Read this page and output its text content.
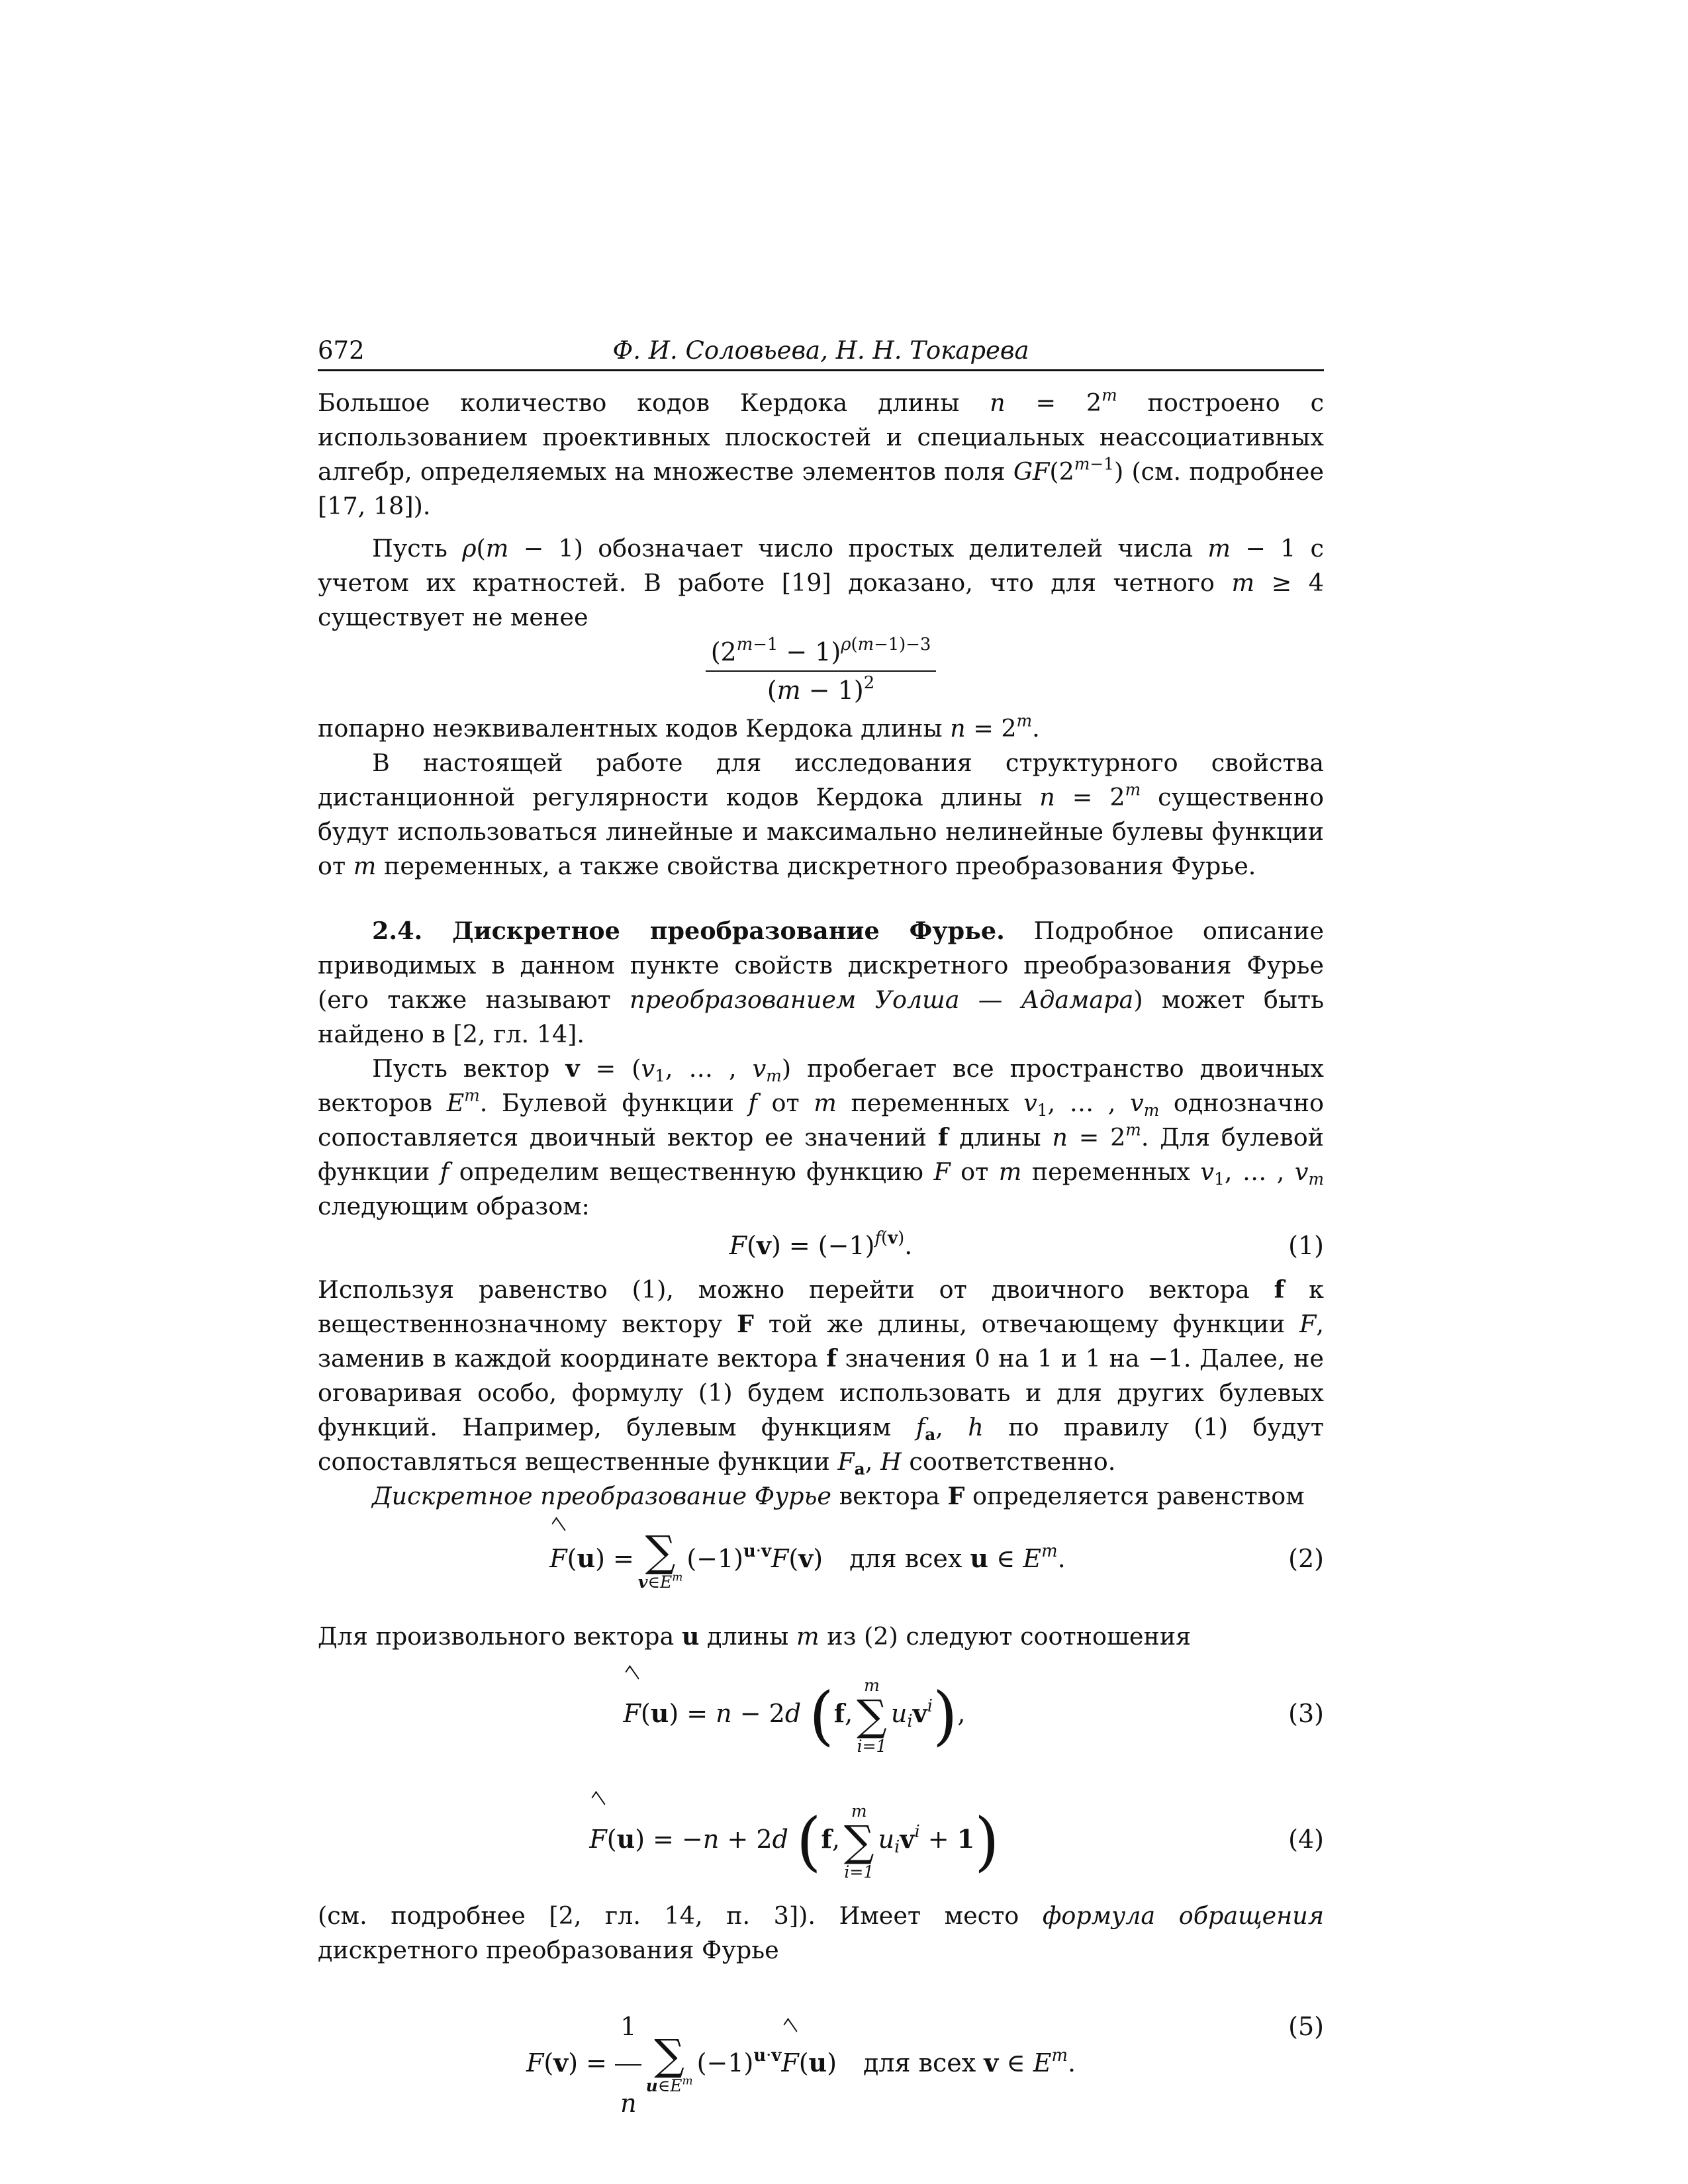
672	Ф. И. Соловьева, Н. Н. Токарева

Большое количество кодов Кердока длины $n = 2^m$ построено с использованием проективных плоскостей и специальных неассоциативных алгебр, определяемых на множестве элементов поля $GF(2^{m-1})$ (см. подробнее [17, 18]).

Пусть ρ(m − 1) обозначает число простых делителей числа m − 1 с учетом их кратностей. В работе [19] доказано, что для четного m ≥ 4 существует не менее

$\frac{(2^{m-1} - 1)^{\rho(m-1)-3}}{(m - 1)^2}$

попарно неэквивалентных кодов Кердока длины $n = 2^m$.

В настоящей работе для исследования структурного свойства дистанционной регулярности кодов Кердока длины $n = 2^m$ существенно будут использоваться линейные и максимально нелинейные булевы функции от m переменных, а также свойства дискретного преобразования Фурье.

2.4. Дискретное преобразование Фурье. Подробное описание приводимых в данном пункте свойств дискретного преобразования Фурье (его также называют преобразованием Уолша — Адамара) может быть найдено в [2, гл. 14].

Пусть вектор $v = (v_1$, … , $v_m$) пробегает все пространство двоичных векторов $E^m$. Булевой функции f от m переменных $v_1$, … , $v_m$ однозначно сопоставляется двоичный вектор ее значений f длины $n = 2^m$. Для булевой функции f определим вещественную функцию F от m переменных $v_1$, … , $v_m$ следующим образом:

$F(v) = (-1)^{f(v)}$.	(1)

Используя равенство (1), можно перейти от двоичного вектора f к вещественнозначному вектору F той же длины, отвечающему функции F, заменив в каждой координате вектора f значения 0 на 1 и 1 на −1. Далее, не оговаривая особо, формулу (1) будем использовать и для других булевых функций. Например, булевым функциям $f_a$, h по правилу (1) будут сопоставляться вещественные функции $F_a$, H соответственно.

Дискретное преобразование Фурье вектора F определяется равенством

F(u) = ∑
$v\in E^m$
$(-1)^{u\cdot v}F(v)$ для всех u ∈ $E^m$.	(2)

Для произвольного вектора u длины m из (2) следуют соотношения

F(u) = n − 2d (f,
m
∑
i=1
$u_iv^i$),	(3)
F(u) = −n + 2d (f,
m
∑
i=1
$u_iv^i + 1$)	(4)

(см. подробнее [2, гл. 14, п. 3]). Имеет место формула обращения дискретного преобразования Фурье

$F(v) = \frac{1}{n}$ ∑
$u\in E^m$
$(-1)^{u\cdot v}F(u)$ для всех v ∈ $E^m$.
(5)
